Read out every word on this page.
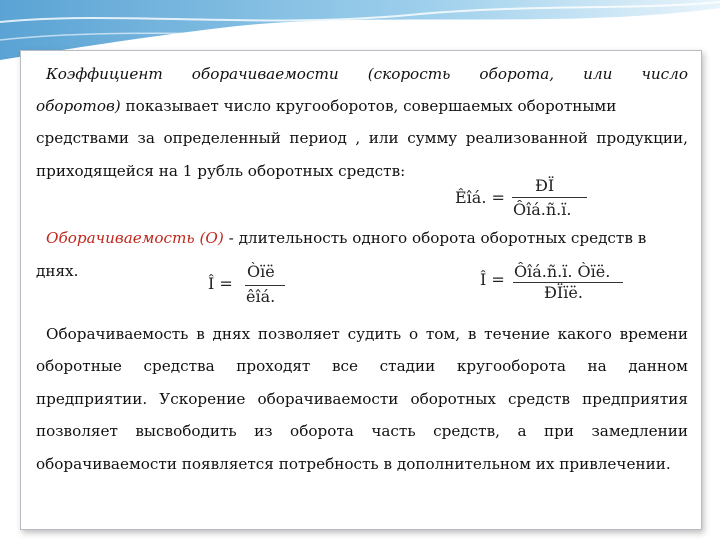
Коэффициент оборачиваемости (скорость оборота, или число
оборотов) показывает число кругооборотов, совершаемых оборотными
средствами за определенный период , или сумму реализованной продукции,
приходящейся на 1 рубль оборотных средств:
Êîá. =
ÐÏ
Ôîá.ñ.ï.
Оборачиваемость (О) - длительность одного оборота оборотных средств в
днях.
Î =
Òïë
êîá.
Î = Ôîá.ñ.ï. Òïë.
ÐÏïë.
Оборачиваемость в днях позволяет судить о том, в течение какого времени
оборотные средства проходят все стадии кругооборота на данном
предприятии. Ускорение оборачиваемости оборотных средств предприятия
позволяет высвободить из оборота часть средств, а при замедлении
оборачиваемости появляется потребность в дополнительном их привлечении.
